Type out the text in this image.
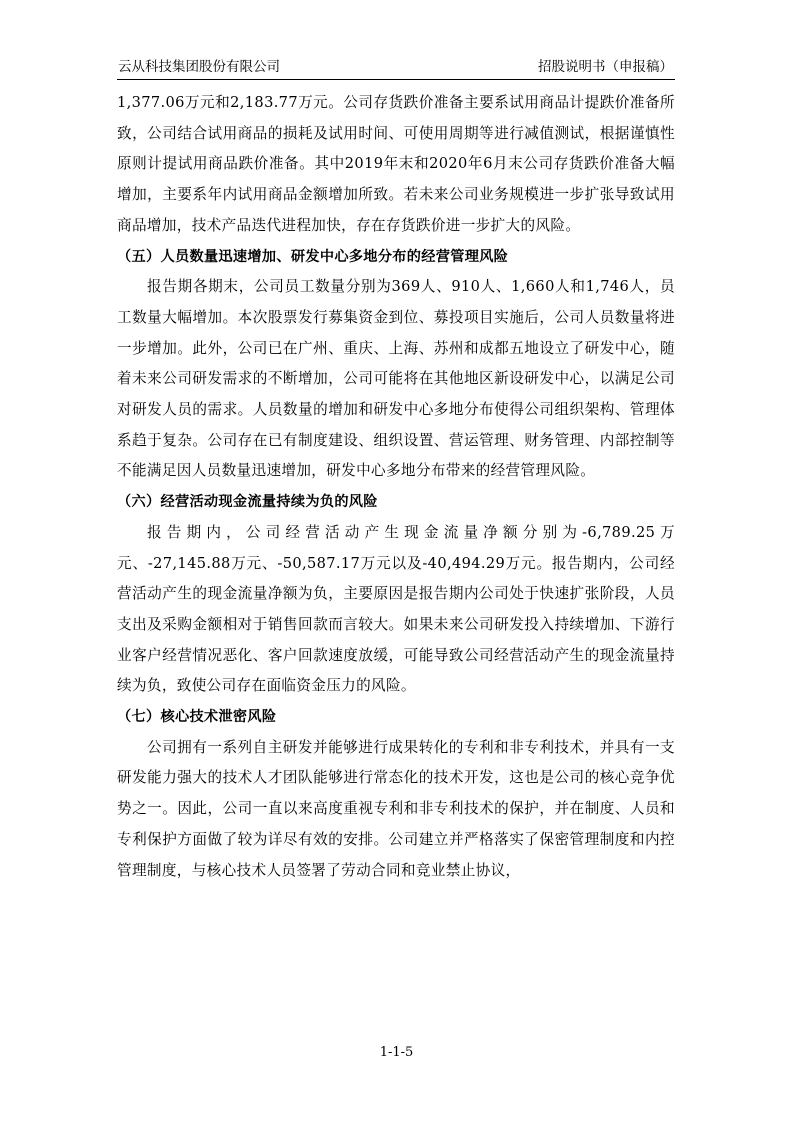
云从科技集团股份有限公司	招股说明书（申报稿）

1,377.06万元和2,183.77万元。公司存货跌价准备主要系试用商品计提跌价准备所致，公司结合试用商品的损耗及试用时间、可使用周期等进行减值测试，根据谨慎性原则计提试用商品跌价准备。其中2019年末和2020年6月末公司存货跌价准备大幅增加，主要系年内试用商品金额增加所致。若未来公司业务规模进一步扩张导致试用商品增加，技术产品迭代进程加快，存在存货跌价进一步扩大的风险。

（五）人员数量迅速增加、研发中心多地分布的经营管理风险

报告期各期末，公司员工数量分别为369人、910人、1,660人和1,746人，员工数量大幅增加。本次股票发行募集资金到位、募投项目实施后，公司人员数量将进一步增加。此外，公司已在广州、重庆、上海、苏州和成都五地设立了研发中心，随着未来公司研发需求的不断增加，公司可能将在其他地区新设研发中心，以满足公司对研发人员的需求。人员数量的增加和研发中心多地分布使得公司组织架构、管理体系趋于复杂。公司存在已有制度建设、组织设置、营运管理、财务管理、内部控制等不能满足因人员数量迅速增加，研发中心多地分布带来的经营管理风险。

（六）经营活动现金流量持续为负的风险

报告期内，公司经营活动产生现金流量净额分别为-6,789.25万元、-27,145.88万元、-50,587.17万元以及-40,494.29万元。报告期内，公司经营活动产生的现金流量净额为负，主要原因是报告期内公司处于快速扩张阶段，人员支出及采购金额相对于销售回款而言较大。如果未来公司研发投入持续增加、下游行业客户经营情况恶化、客户回款速度放缓，可能导致公司经营活动产生的现金流量持续为负，致使公司存在面临资金压力的风险。

（七）核心技术泄密风险

公司拥有一系列自主研发并能够进行成果转化的专利和非专利技术，并具有一支研发能力强大的技术人才团队能够进行常态化的技术开发，这也是公司的核心竞争优势之一。因此，公司一直以来高度重视专利和非专利技术的保护，并在制度、人员和专利保护方面做了较为详尽有效的安排。公司建立并严格落实了保密管理制度和内控管理制度，与核心技术人员签署了劳动合同和竞业禁止协议，

1-1-5
